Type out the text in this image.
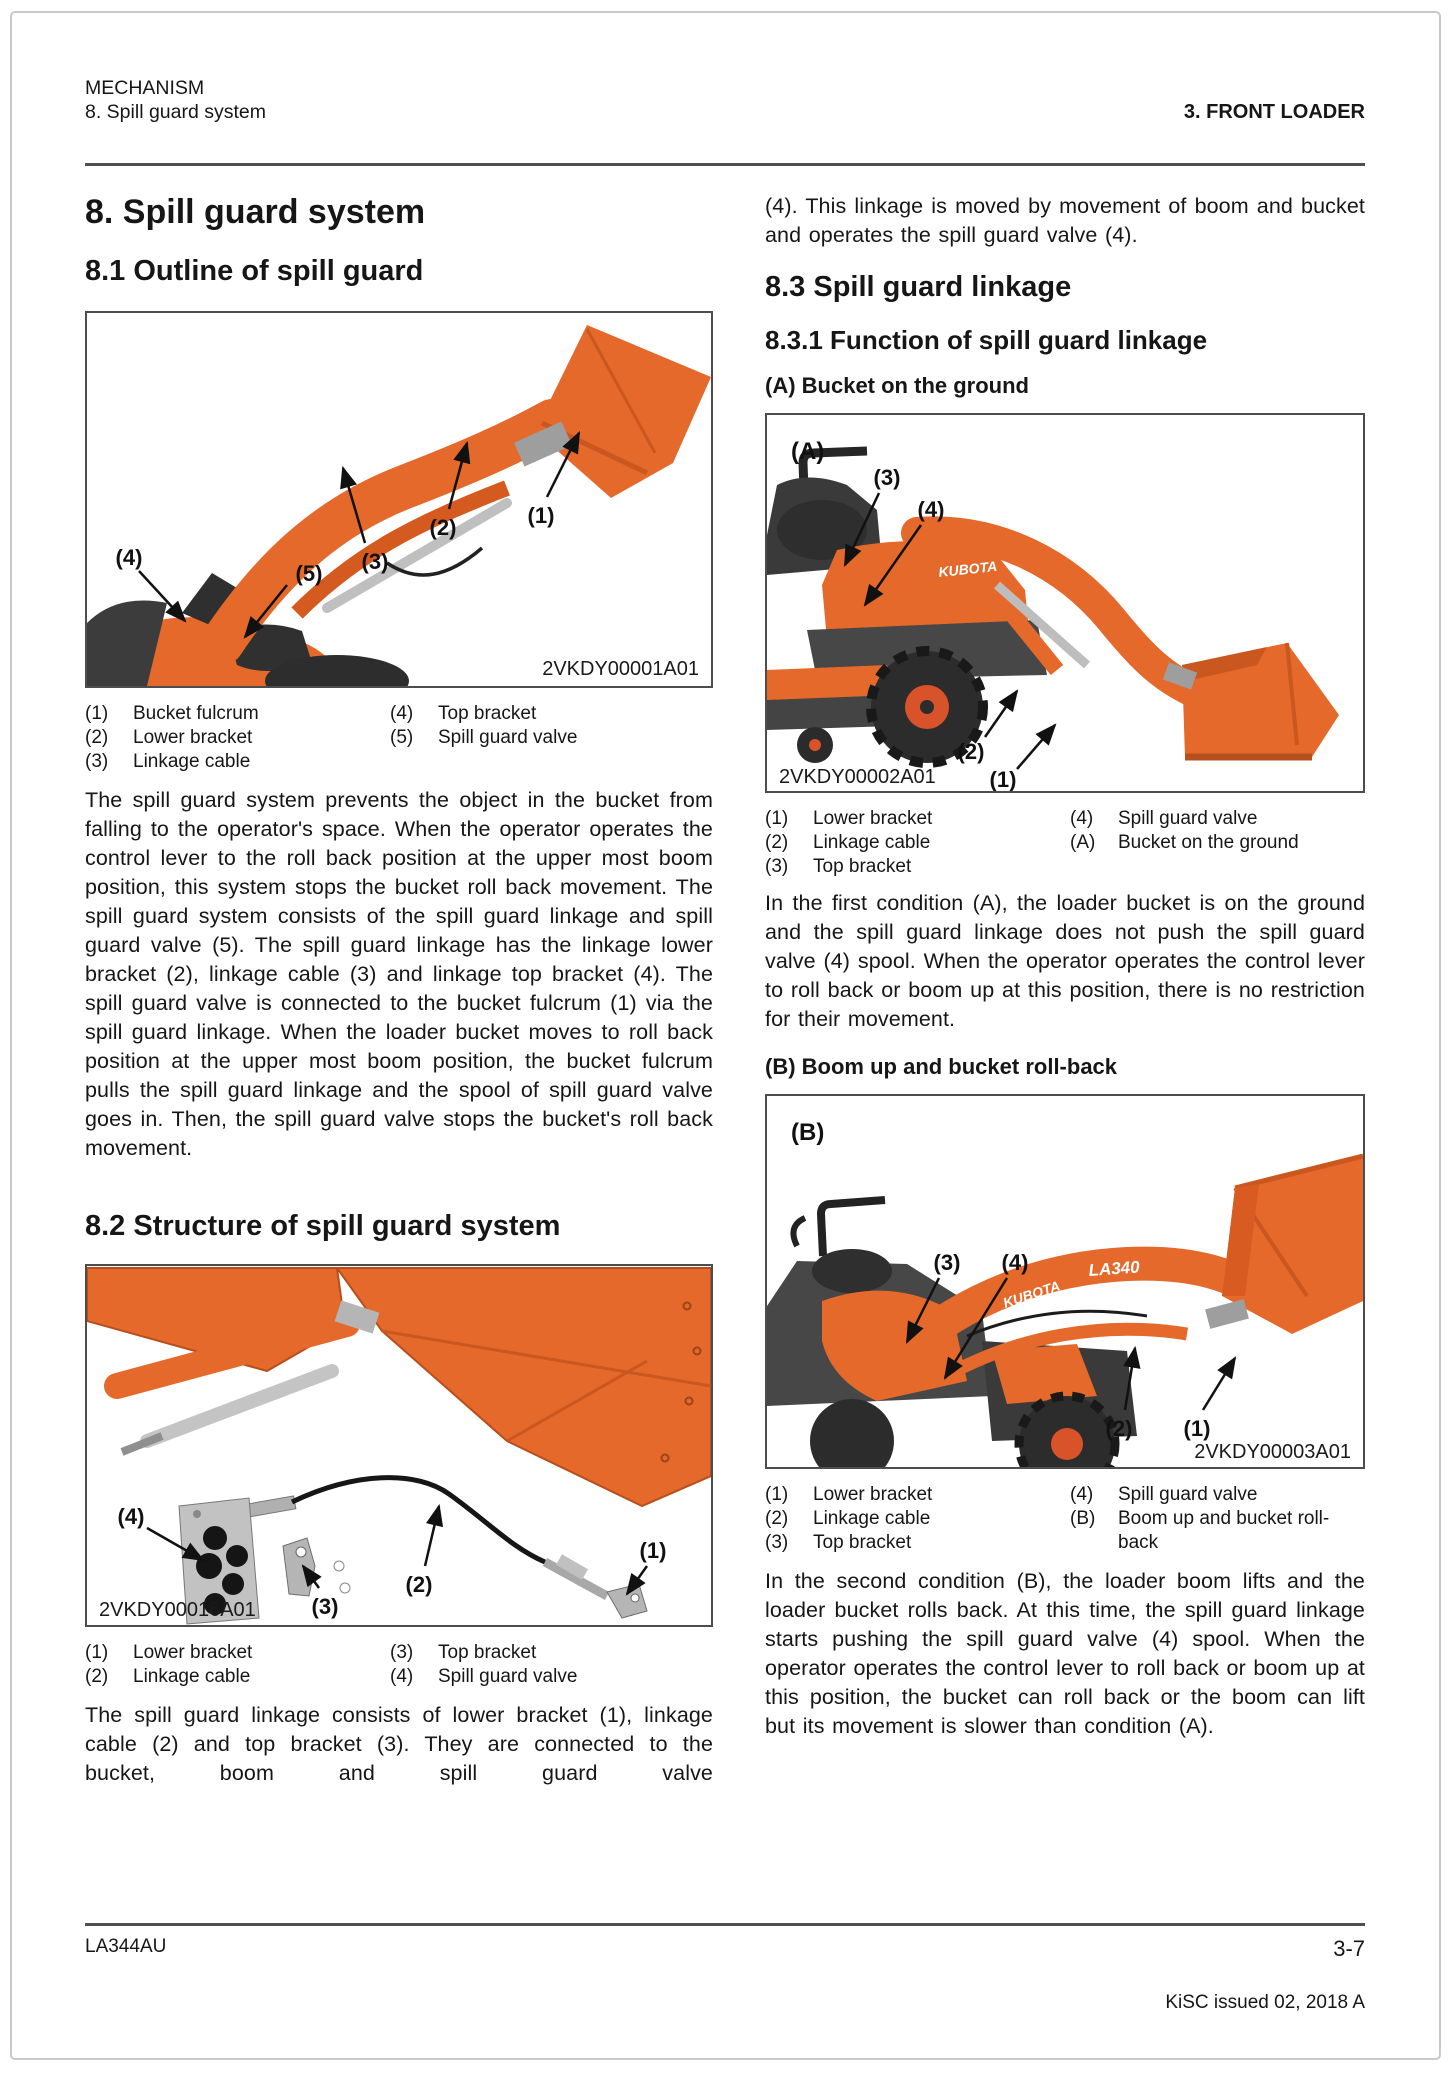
MECHANISM
8. Spill guard system	3. FRONT LOADER
8. Spill guard system
8.1 Outline of spill guard
LA340
KUBOTA
(4)
(5) (3)
(2)	(1)
2VKDY00001A01
(1)	Bucket fulcrum
(2)	Lower bracket
(3)	Linkage cable
(4)	Top bracket
(5)	Spill guard valve

The spill guard system prevents the object in the bucket from falling to the operator's space. When the operator operates the control lever to the roll back position at the upper most boom position, this system stops the bucket roll back movement. The spill guard system consists of the spill guard linkage and spill guard valve (5). The spill guard linkage has the linkage lower bracket (2), linkage cable (3) and linkage top bracket (4). The spill guard valve is connected to the bucket fulcrum (1) via the spill guard linkage. When the loader bucket moves to roll back position at the upper most boom position, the bucket fulcrum pulls the spill guard linkage and the spool of spill guard valve goes in. Then, the spill guard valve stops the bucket's roll back movement.

8.2 Structure of spill guard system
(4)
(3)
(2)
(1)
2VKDY00016A01
(1)	Lower bracket
(2)	Linkage cable
(3)	Top bracket
(4)	Spill guard valve

The spill guard linkage consists of lower bracket (1), linkage cable (2) and top bracket (3). They are connected to the bucket, boom and spill guard valve

(4). This linkage is moved by movement of boom and bucket and operates the spill guard valve (4).

8.3 Spill guard linkage
8.3.1 Function of spill guard linkage
(A) Bucket on the ground
KUBOTA
LA340
(A)
(3)
(4)
(2)
(1)
2VKDY00002A01
(1)	Lower bracket
(2)	Linkage cable
(3)	Top bracket
(4)	Spill guard valve
(A)	Bucket on the ground

In the first condition (A), the loader bucket is on the ground and the spill guard linkage does not push the spill guard valve (4) spool. When the operator operates the control lever to roll back or boom up at this position, there is no restriction for their movement.

(B) Boom up and bucket roll-back
LA340
KUBOTA
(B)
(3) (4)
(2) (1)
2VKDY00003A01
(1)	Lower bracket
(2)	Linkage cable
(3)	Top bracket
(4)	Spill guard valve
(B)	Boom up and bucket roll-back

In the second condition (B), the loader boom lifts and the loader bucket rolls back. At this time, the spill guard linkage starts pushing the spill guard valve (4) spool. When the operator operates the control lever to roll back or boom up at this position, the bucket can roll back or the boom can lift but its movement is slower than condition (A).

LA344AU	3-7
KiSC issued 02, 2018 A
